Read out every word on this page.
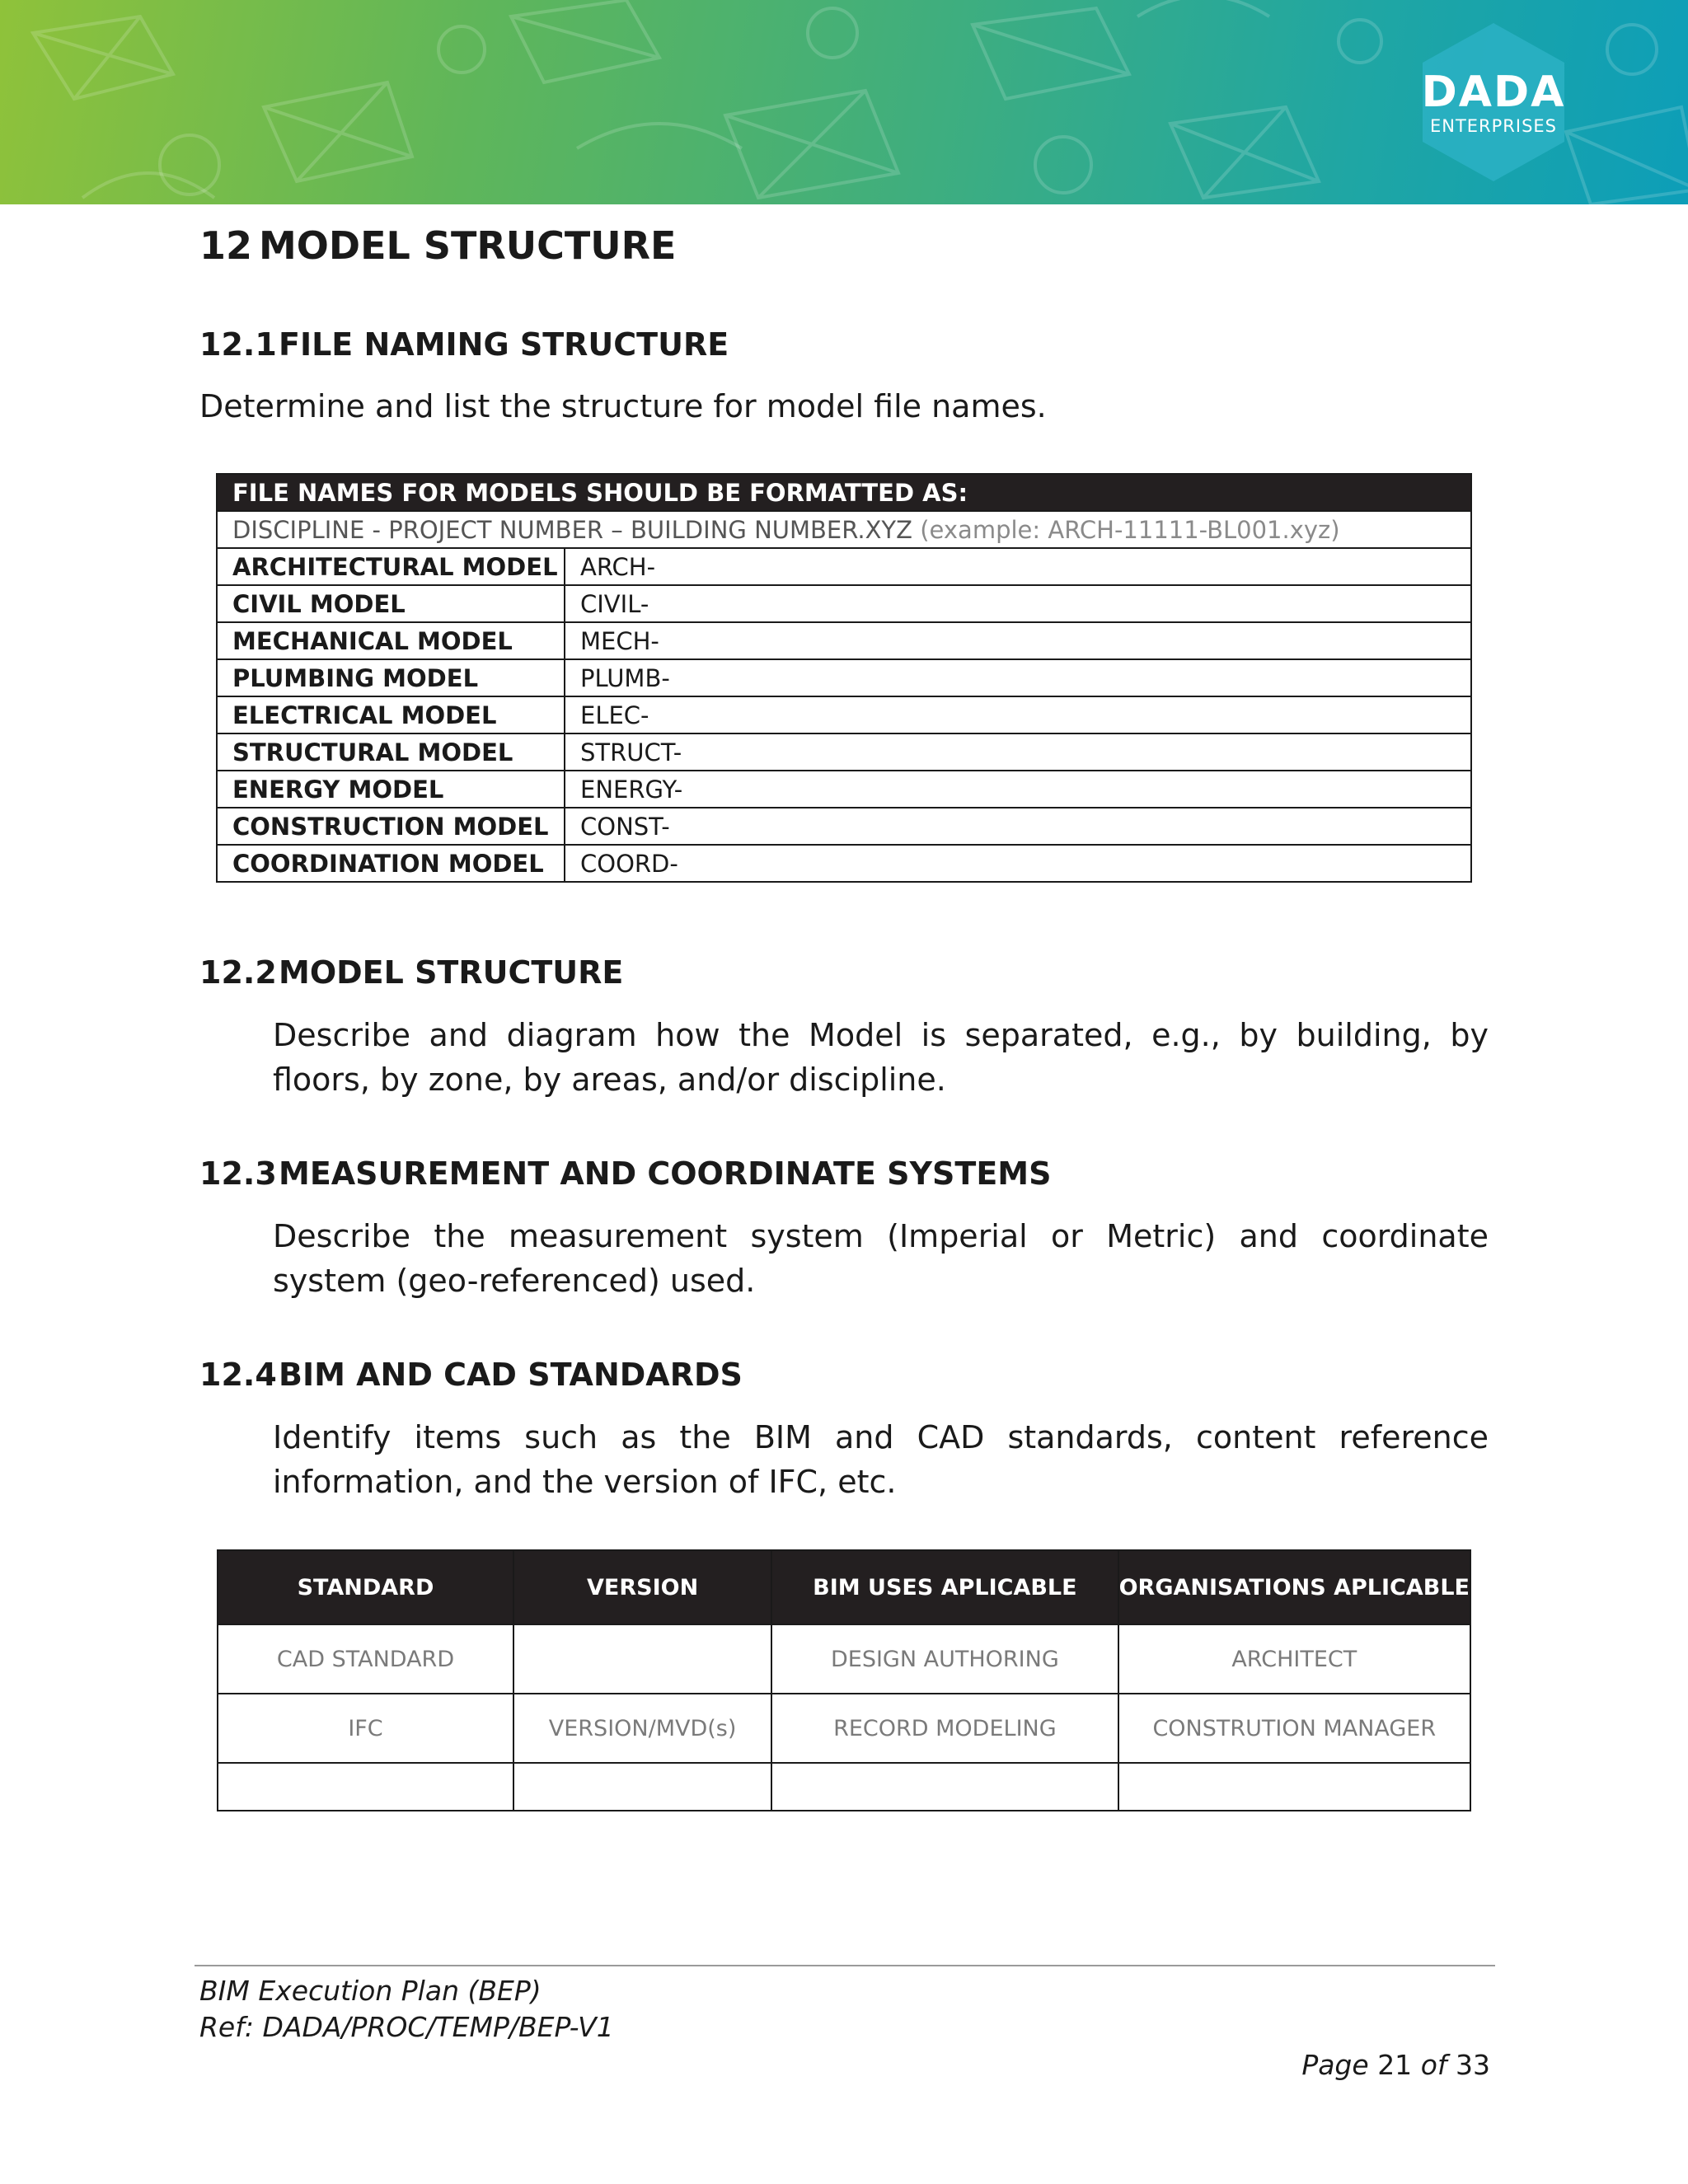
DADA
ENTERPRISES
12 MODEL STRUCTURE
12.1FILE NAMING STRUCTURE
Determine and list the structure for model file names.
FILE NAMES FOR MODELS SHOULD BE FORMATTED AS:	
DISCIPLINE - PROJECT NUMBER – BUILDING NUMBER.XYZ (example: ARCH-11111-BL001.xyz)	
ARCHITECTURAL MODEL	ARCH-
CIVIL MODEL	CIVIL-
MECHANICAL MODEL	MECH-
PLUMBING MODEL	PLUMB-
ELECTRICAL MODEL	ELEC-
STRUCTURAL MODEL	STRUCT-
ENERGY MODEL	ENERGY-
CONSTRUCTION MODEL	CONST-
COORDINATION MODEL	COORD-
12.2MODEL STRUCTURE
Describe and diagram how the Model is separated, e.g., by building, by floors, by zone, by areas, and/or discipline.
12.3MEASUREMENT AND COORDINATE SYSTEMS
Describe the measurement system (Imperial or Metric) and coordinate system (geo-referenced) used.
12.4BIM AND CAD STANDARDS
Identify items such as the BIM and CAD standards, content reference information, and the version of IFC, etc.
STANDARD	VERSION	BIM USES APLICABLE	ORGANISATIONS APLICABLE
CAD STANDARD		DESIGN AUTHORING	ARCHITECT
IFC	VERSION/MVD(s)	RECORD MODELING	CONSTRUTION MANAGER

BIM Execution Plan (BEP)
Ref: DADA/PROC/TEMP/BEP-V1
Page 21 of 33
